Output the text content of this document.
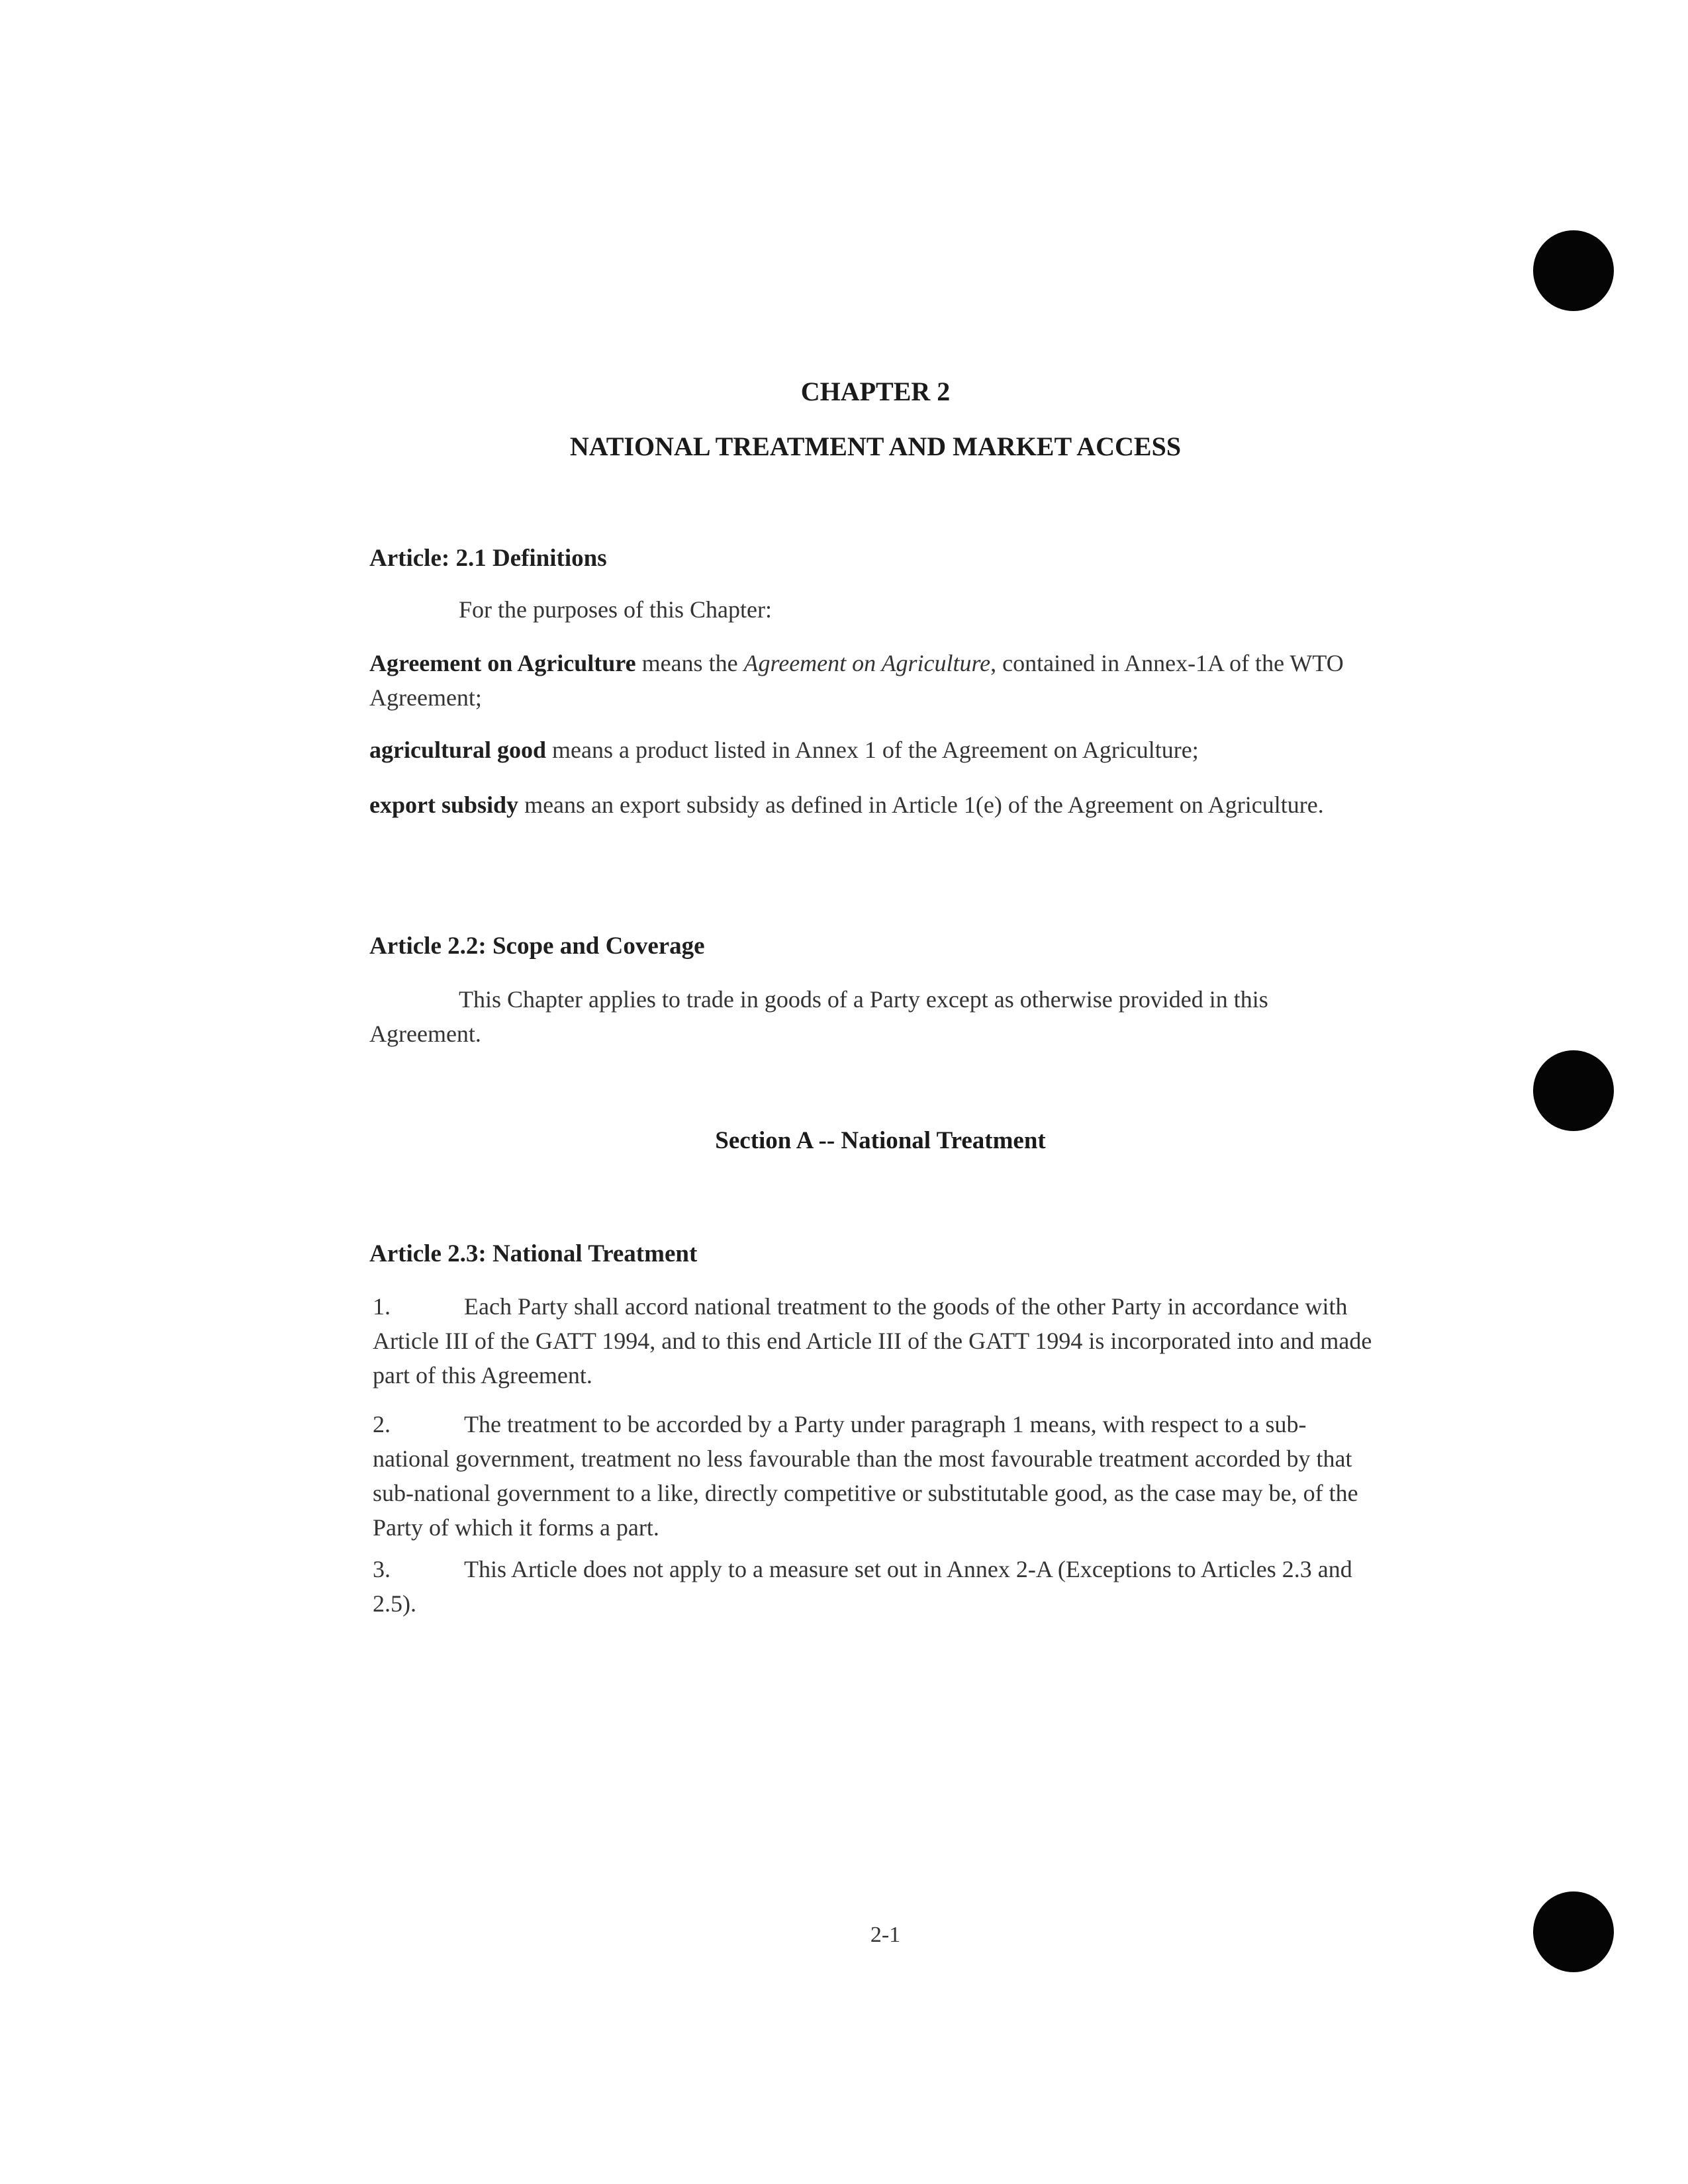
CHAPTER 2
NATIONAL TREATMENT AND MARKET ACCESS
Article: 2.1 Definitions
For the purposes of this Chapter:
Agreement on Agriculture means the Agreement on Agriculture, contained in Annex-1A of the WTO Agreement;
agricultural good means a product listed in Annex 1 of the Agreement on Agriculture;
export subsidy means an export subsidy as defined in Article 1(e) of the Agreement on Agriculture.
Article 2.2: Scope and Coverage
This Chapter applies to trade in goods of a Party except as otherwise provided in this Agreement.
Section A -- National Treatment
Article 2.3: National Treatment
1.	Each Party shall accord national treatment to the goods of the other Party in accordance with Article III of the GATT 1994, and to this end Article III of the GATT 1994 is incorporated into and made part of this Agreement.
2.	The treatment to be accorded by a Party under paragraph 1 means, with respect to a sub-national government, treatment no less favourable than the most favourable treatment accorded by that sub-national government to a like, directly competitive or substitutable good, as the case may be, of the Party of which it forms a part.
3.	This Article does not apply to a measure set out in Annex 2-A (Exceptions to Articles 2.3 and 2.5).
2-1
